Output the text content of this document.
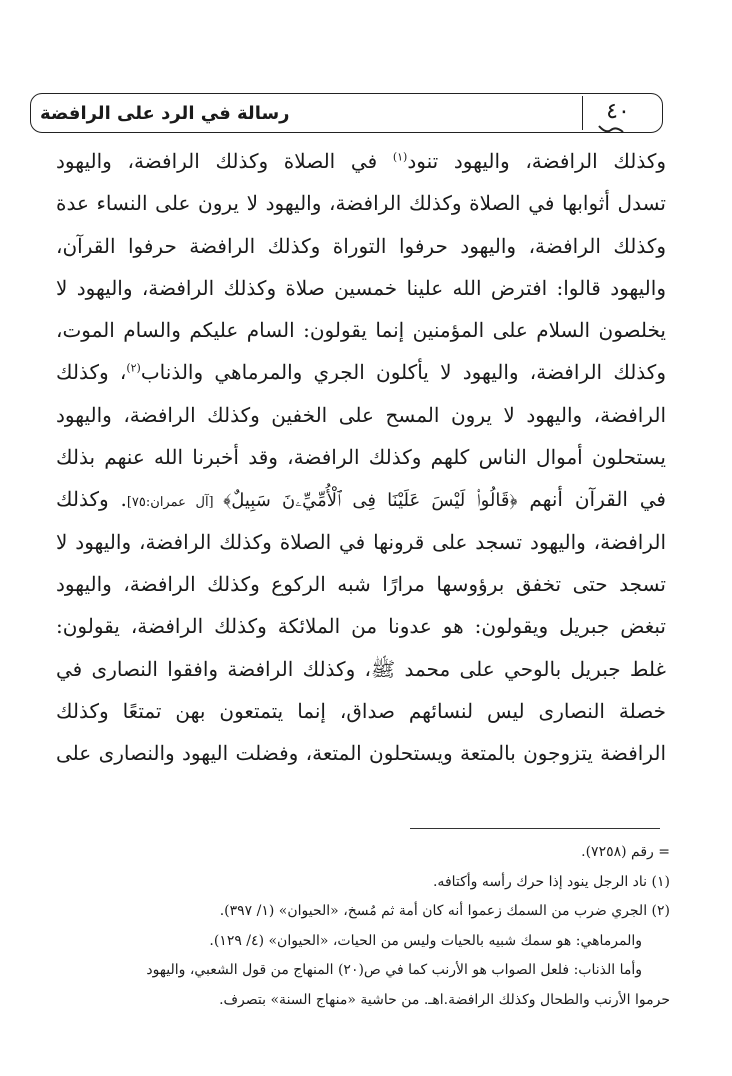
رسالة في الرد على الرافضة	٤٠
وكذلك الرافضة، واليهود تنود$^{(١)}$ في الصلاة وكذلك الرافضة، واليهود
تسدل أثوابها في الصلاة وكذلك الرافضة، واليهود لا يرون على النساء عدة
وكذلك الرافضة، واليهود حرفوا التوراة وكذلك الرافضة حرفوا القرآن،
واليهود قالوا: افترض الله علينا خمسين صلاة وكذلك الرافضة، واليهود لا
يخلصون السلام على المؤمنين إنما يقولون: السام عليكم والسام الموت،
وكذلك الرافضة، واليهود لا يأكلون الجري والمرماهي والذناب$^{(٢)}$، وكذلك
الرافضة، واليهود لا يرون المسح على الخفين وكذلك الرافضة، واليهود
يستحلون أموال الناس كلهم وكذلك الرافضة، وقد أخبرنا الله عنهم بذلك
في القرآن أنهم ﴿قَالُوا۟ لَيْسَ عَلَيْنَا فِى ٱلْأُمِّيِّۦنَ سَبِيلٌ﴾ [آل عمران:٧٥]. وكذلك
الرافضة، واليهود تسجد على قرونها في الصلاة وكذلك الرافضة، واليهود لا
تسجد حتى تخفق برؤوسها مرارًا شبه الركوع وكذلك الرافضة، واليهود
تبغض جبريل ويقولون: هو عدونا من الملائكة وكذلك الرافضة، يقولون:
غلط جبريل بالوحي على محمد ﷺ، وكذلك الرافضة وافقوا النصارى في
خصلة النصارى ليس لنسائهم صداق، إنما يتمتعون بهن تمتعًا وكذلك
الرافضة يتزوجون بالمتعة ويستحلون المتعة، وفضلت اليهود والنصارى على
= رقم (٧٢٥٨).
(١) ناد الرجل ينود إذا حرك رأسه وأكتافه.
(٢) الجري ضرب من السمك زعموا أنه كان أمة ثم مُسخ، «الحيوان» (١/ ٣٩٧).
والمرماهي: هو سمك شبيه بالحيات وليس من الحيات، «الحيوان» (٤/ ١٢٩).
وأما الذناب: فلعل الصواب هو الأرنب كما في ص(٢٠) المنهاج من قول الشعبي، واليهود
حرموا الأرنب والطحال وكذلك الرافضة.اهـ. من حاشية «منهاج السنة» بتصرف.
